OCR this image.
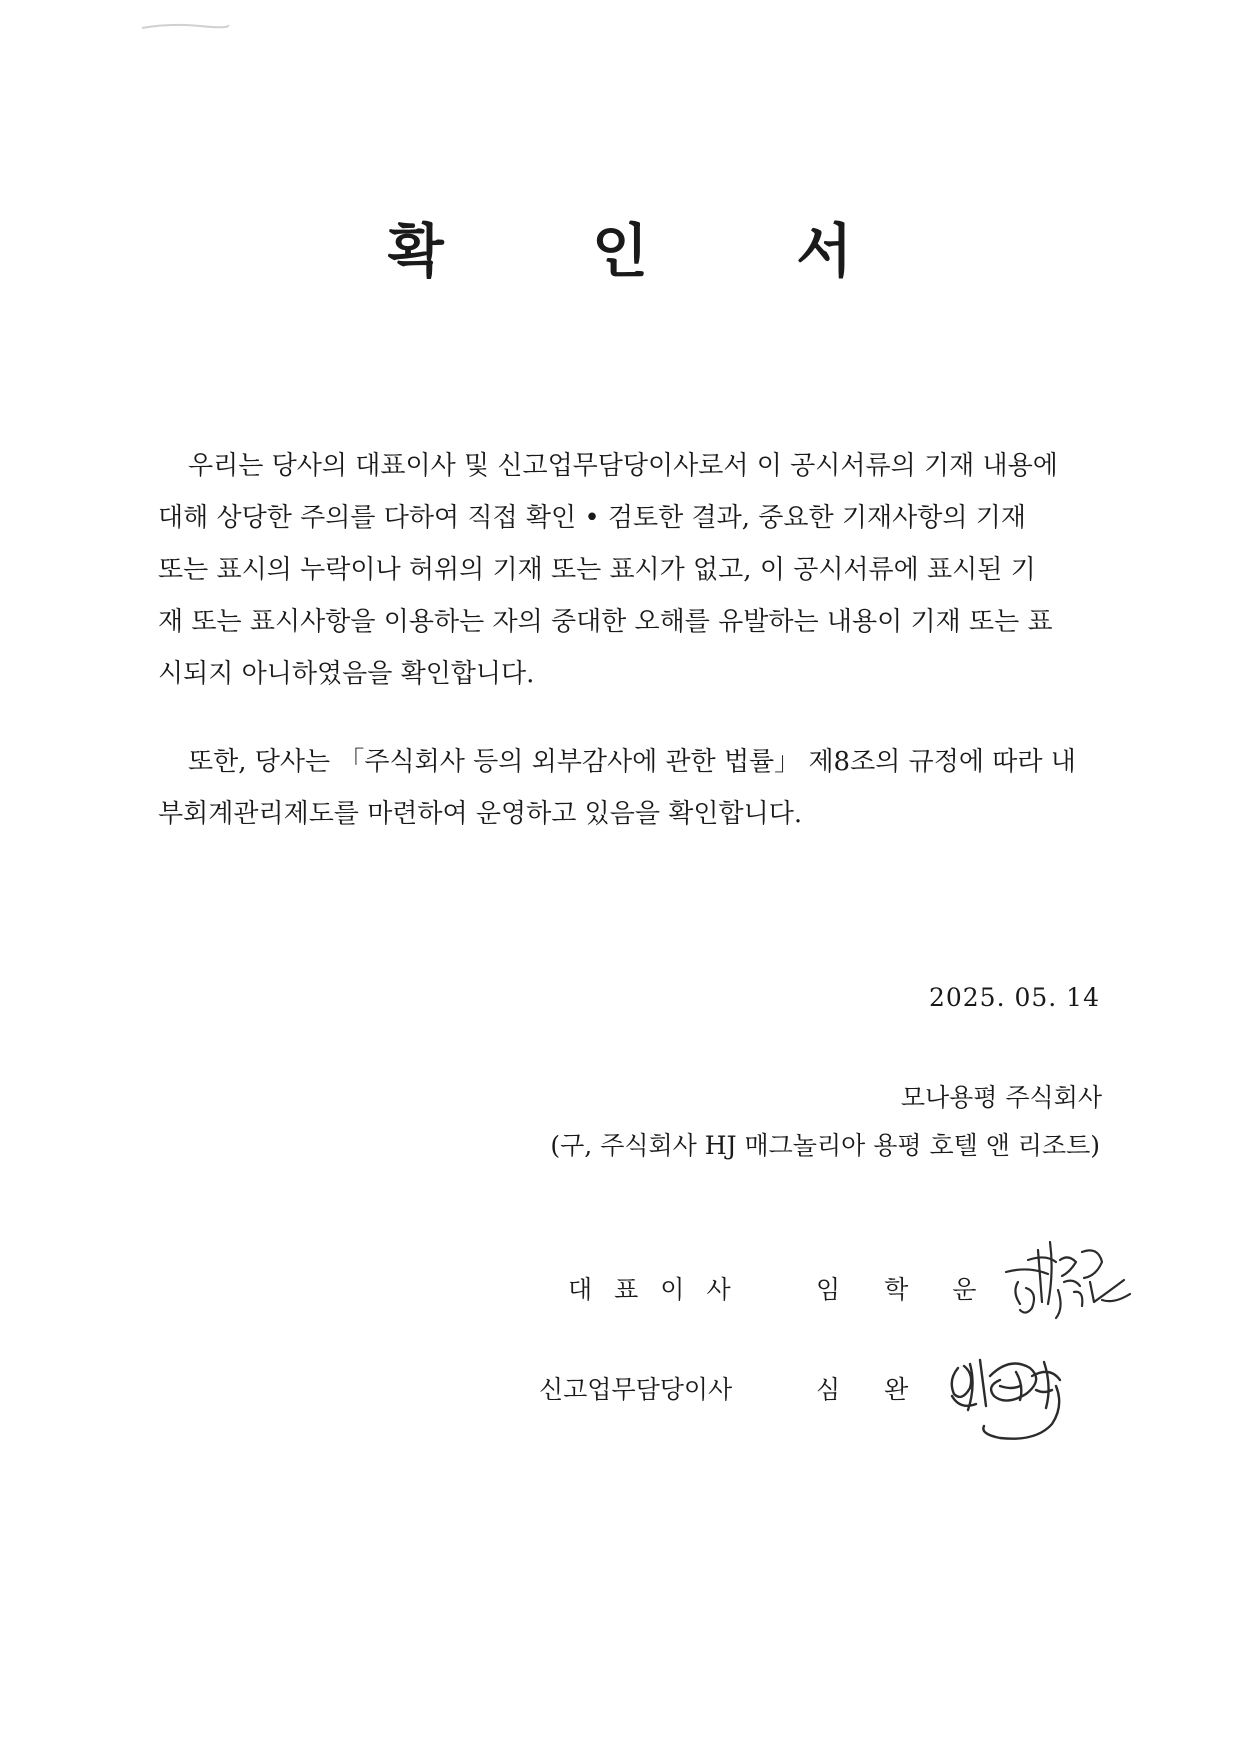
확 인 서
우리는 당사의 대표이사 및 신고업무담당이사로서 이 공시서류의 기재 내용에
대해 상당한 주의를 다하여 직접 확인 • 검토한 결과, 중요한 기재사항의 기재
또는 표시의 누락이나 허위의 기재 또는 표시가 없고, 이 공시서류에 표시된 기
재 또는 표시사항을 이용하는 자의 중대한 오해를 유발하는 내용이 기재 또는 표
시되지 아니하였음을 확인합니다.
또한, 당사는 「주식회사 등의 외부감사에 관한 법률」 제8조의 규정에 따라 내
부회계관리제도를 마련하여 운영하고 있음을 확인합니다.
2025. 05. 14
모나용평 주식회사
(구, 주식회사 HJ 매그놀리아 용평 호텔 앤 리조트)
대표이사	임학운
신고업무담당이사	심완
